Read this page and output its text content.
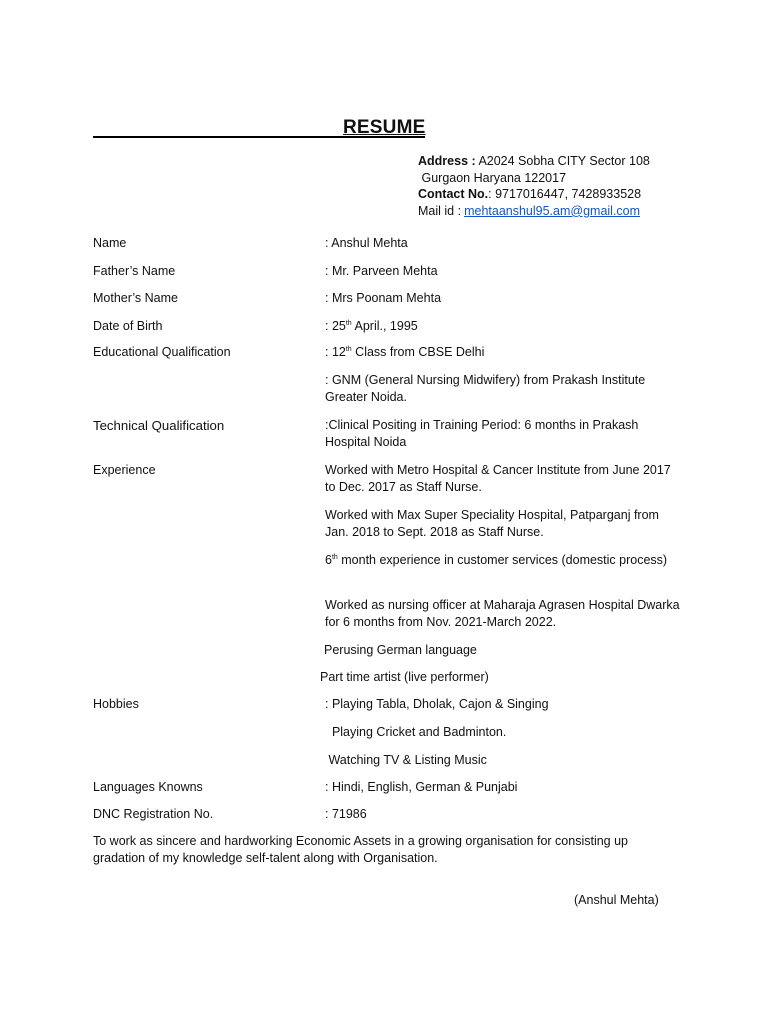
RESUME
Address : A2024 Sobha CITY Sector 108
Gurgaon Haryana 122017
Contact No.: 9717016447, 7428933528
Mail id : mehtaanshul95.am@gmail.com
Name	: Anshul Mehta
Father’s Name	: Mr. Parveen Mehta
Mother’s Name	: Mrs Poonam Mehta
Date of Birth	: 25th April., 1995
Educational Qualification	: 12th Class from CBSE Delhi
: GNM (General Nursing Midwifery) from Prakash Institute Greater Noida.
Technical Qualification	:Clinical Positing in Training Period: 6 months in Prakash Hospital Noida
Experience	Worked with Metro Hospital & Cancer Institute from June 2017 to Dec. 2017 as Staff Nurse.
Worked with Max Super Speciality Hospital, Patparganj from Jan. 2018 to Sept. 2018 as Staff Nurse.
6th month experience in customer services (domestic process)
Worked as nursing officer at Maharaja Agrasen Hospital Dwarka for 6 months from Nov. 2021-March 2022.
Perusing German language
Part time artist (live performer)
Hobbies	: Playing Tabla, Dholak, Cajon & Singing
Playing Cricket and Badminton.
Watching TV & Listing Music
Languages Knowns	: Hindi, English, German & Punjabi
DNC Registration No.	: 71986
To work as sincere and hardworking Economic Assets in a growing organisation for consisting up gradation of my knowledge self-talent along with Organisation.
(Anshul Mehta)
